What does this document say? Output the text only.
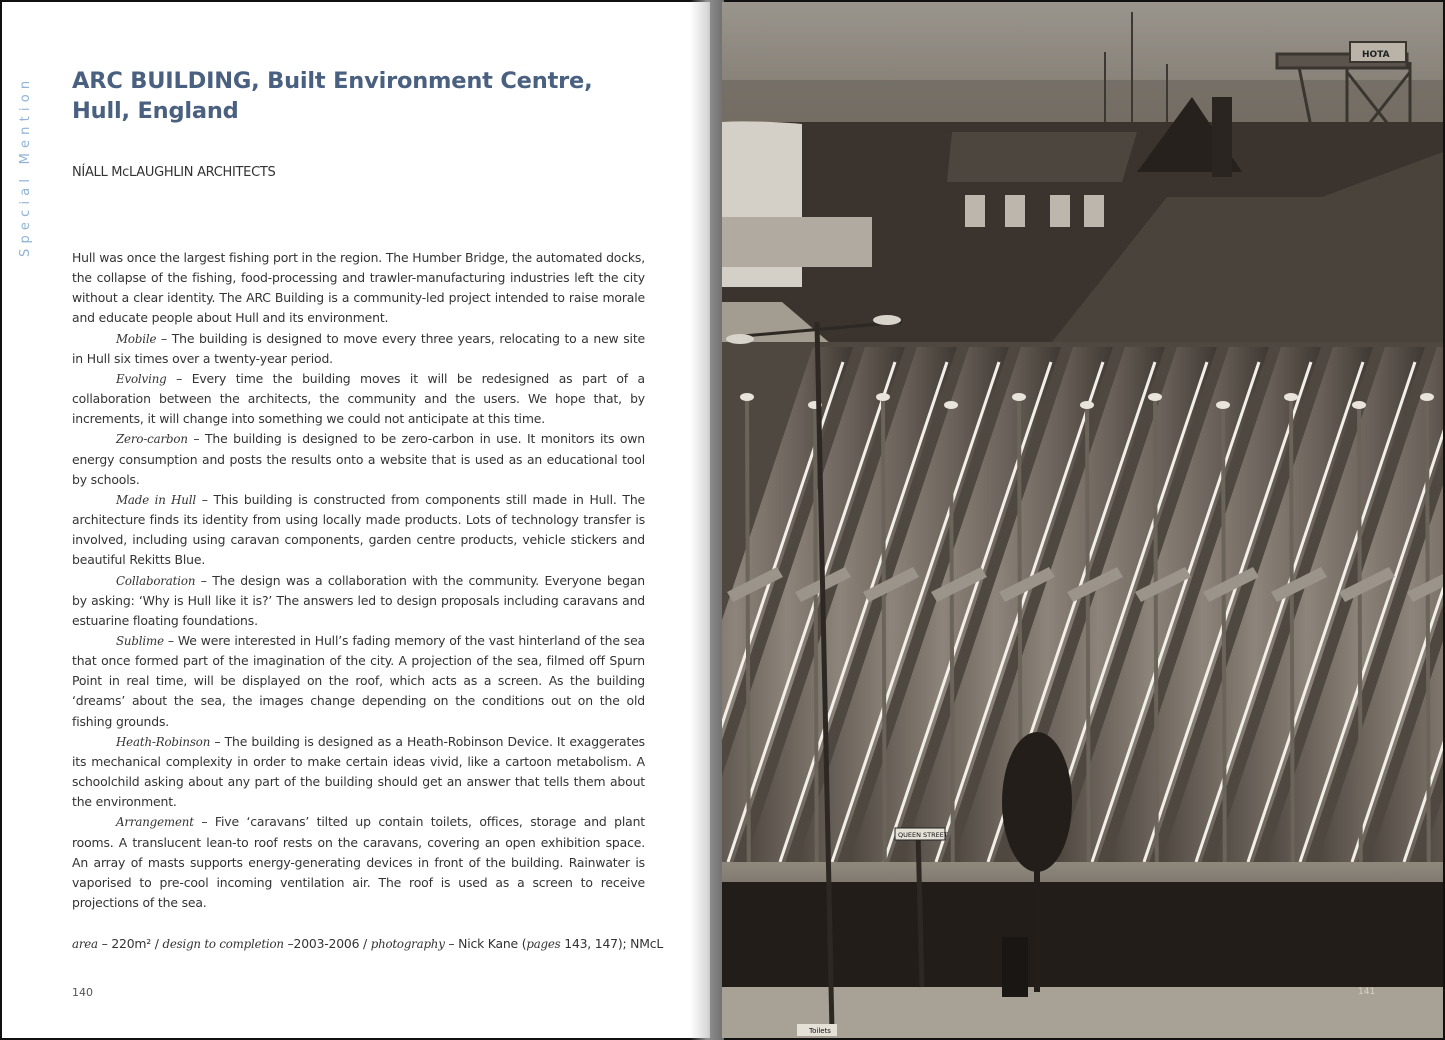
Special Mention ARC BUILDING, Built Environment Centre,
Hull, England
NÍALL McLAUGHLIN ARCHITECTS

Hull was once the largest fishing port in the region. The Humber Bridge, the automated docks, the collapse of the fishing, food-processing and trawler-manufacturing industries left the city without a clear identity. The ARC Building is a community-led project intended to raise morale and educate people about Hull and its environment.

Mobile – The building is designed to move every three years, relocating to a new site in Hull six times over a twenty-year period.

Evolving – Every time the building moves it will be redesigned as part of a collaboration between the architects, the community and the users. We hope that, by increments, it will change into something we could not anticipate at this time.

Zero-carbon – The building is designed to be zero-carbon in use. It monitors its own energy consumption and posts the results onto a website that is used as an educational tool by schools.

Made in Hull – This building is constructed from components still made in Hull. The architecture finds its identity from using locally made products. Lots of technology transfer is involved, including using caravan components, garden centre products, vehicle stickers and beautiful Rekitts Blue.

Collaboration – The design was a collaboration with the community. Everyone began by asking: ‘Why is Hull like it is?’ The answers led to design proposals including caravans and estuarine floating foundations.

Sublime – We were interested in Hull’s fading memory of the vast hinterland of the sea that once formed part of the imagination of the city. A projection of the sea, filmed off Spurn Point in real time, will be displayed on the roof, which acts as a screen. As the building ‘dreams’ about the sea, the images change depending on the conditions out on the old fishing grounds.

Heath-Robinson – The building is designed as a Heath-Robinson Device. It exaggerates its mechanical complexity in order to make certain ideas vivid, like a cartoon metabolism. A schoolchild asking about any part of the building should get an answer that tells them about the environment.

Arrangement – Five ‘caravans’ tilted up contain toilets, offices, storage and plant rooms. A translucent lean-to roof rests on the caravans, covering an open exhibition space. An array of masts supports energy-generating devices in front of the building. Rainwater is vaporised to pre-cool incoming ventilation air. The roof is used as a screen to receive projections of the sea.

area – 220m² / design to completion –2003-2006 / photography – Nick Kane (pages 143, 147); NMcL
140
HOTA
QUEEN STREET
Toilets
141
